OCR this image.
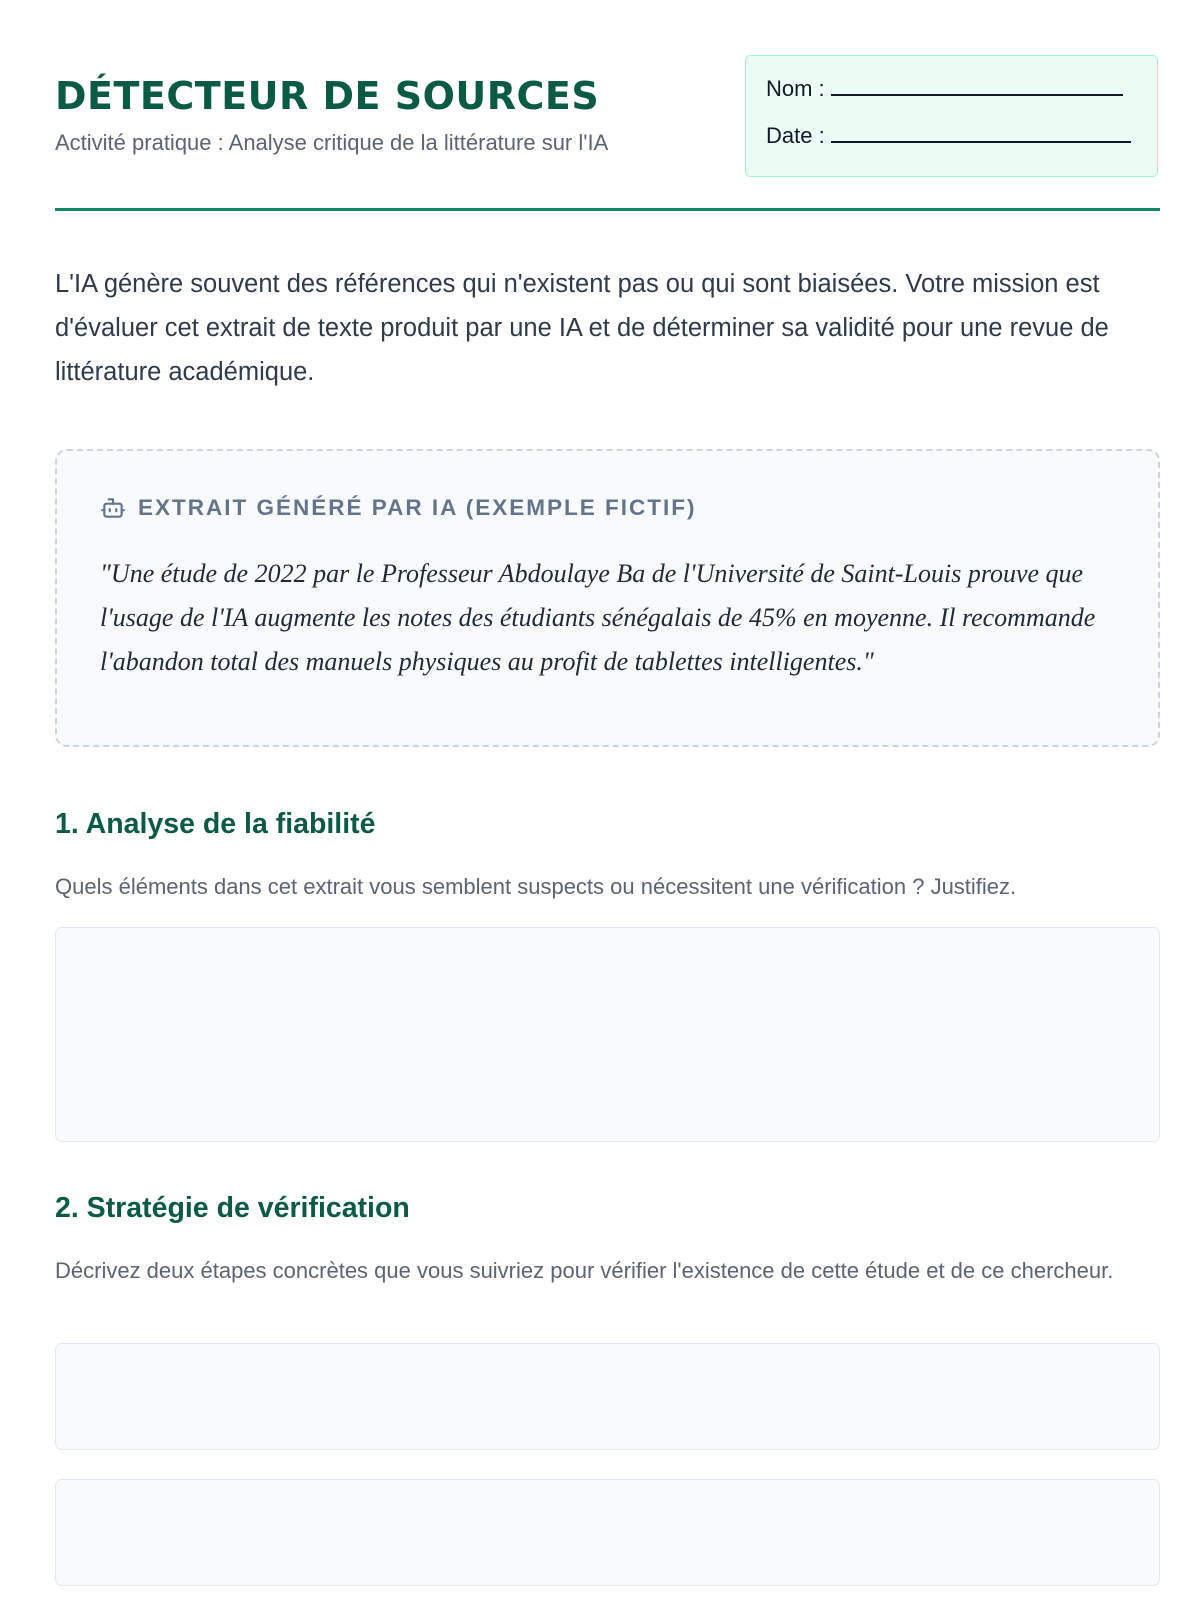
DÉTECTEUR DE SOURCES

Activité pratique : Analyse critique de la littérature sur l'IA

Nom :
Date :

L'IA génère souvent des références qui n'existent pas ou qui sont biaisées. Votre mission est d'évaluer cet extrait de texte produit par une IA et de déterminer sa validité pour une revue de littérature académique.

EXTRAIT GÉNÉRÉ PAR IA (EXEMPLE FICTIF)

"Une étude de 2022 par le Professeur Abdoulaye Ba de l'Université de Saint-Louis prouve que l'usage de l'IA augmente les notes des étudiants sénégalais de 45% en moyenne. Il recommande l'abandon total des manuels physiques au profit de tablettes intelligentes."

1. Analyse de la fiabilité

Quels éléments dans cet extrait vous semblent suspects ou nécessitent une vérification ? Justifiez.

2. Stratégie de vérification

Décrivez deux étapes concrètes que vous suivriez pour vérifier l'existence de cette étude et de ce chercheur.
